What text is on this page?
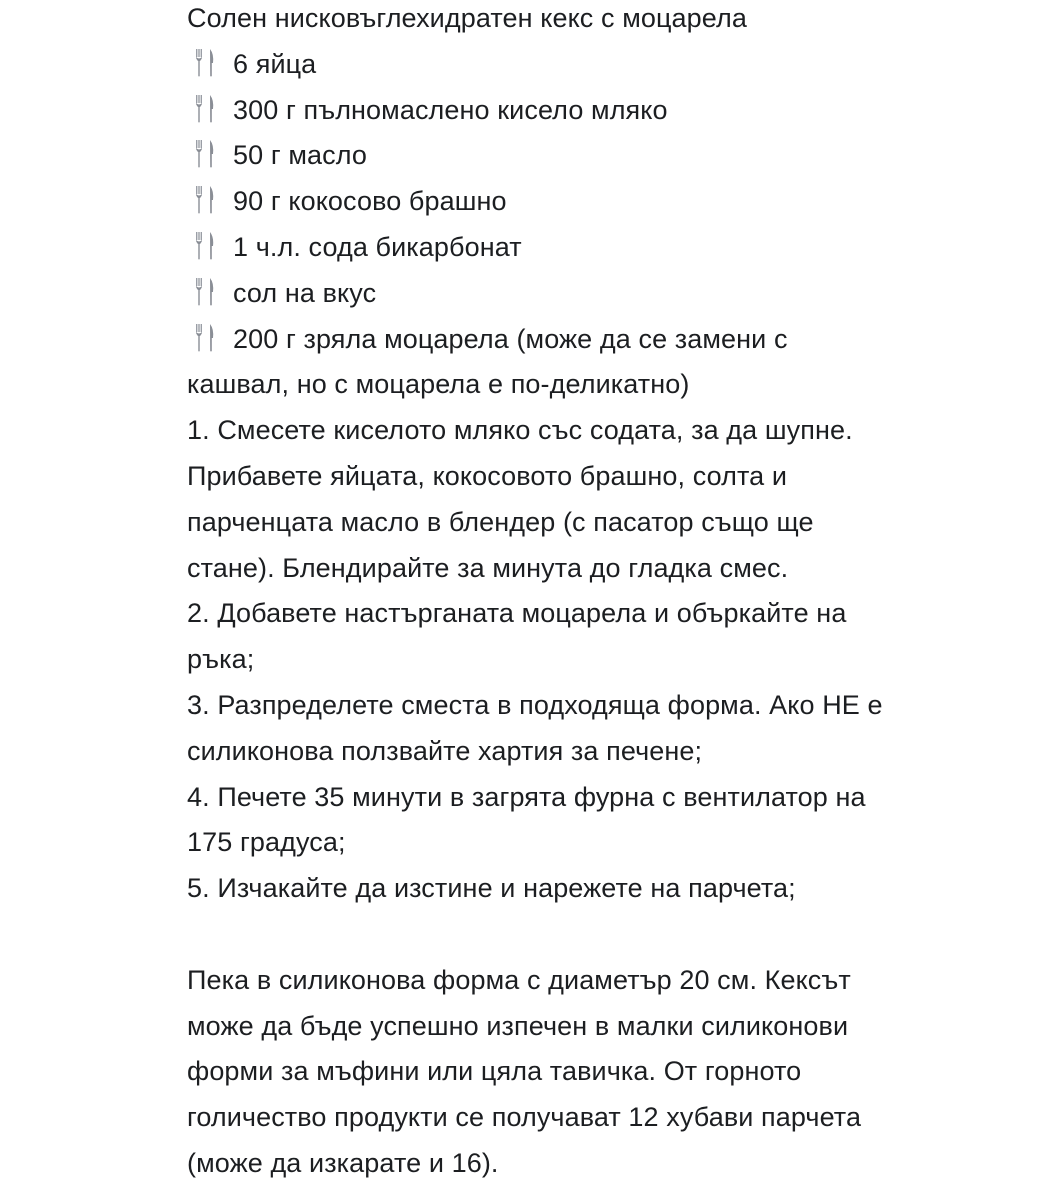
Солен нисковъглехидратен кекс с моцарела
6 яйца
300 г пълномаслено кисело мляко
50 г масло
90 г кокосово брашно
1 ч.л. сода бикарбонат
сол на вкус
200 г зряла моцарела (може да се замени с кашвал, но с моцарела е по-деликатно)
1. Смесете киселото мляко със содата, за да шупне. Прибавете яйцата, кокосовото брашно, солта и парченцата масло в блендер (с пасатор също ще стане). Блендирайте за минута до гладка смес.
2. Добавете настърганата моцарела и объркайте на ръка;
3. Разпределете сместа в подходяща форма. Ако НЕ е силиконова ползвайте хартия за печене;
4. Печете 35 минути в загрята фурна с вентилатор на 175 градуса;
5. Изчакайте да изстине и нарежете на парчета;
Пека в силиконова форма с диаметър 20 см. Кексът може да бъде успешно изпечен в малки силиконови форми за мъфини или цяла тавичка. От горното голичество продукти се получават 12 хубави парчета (може да изкарате и 16).
